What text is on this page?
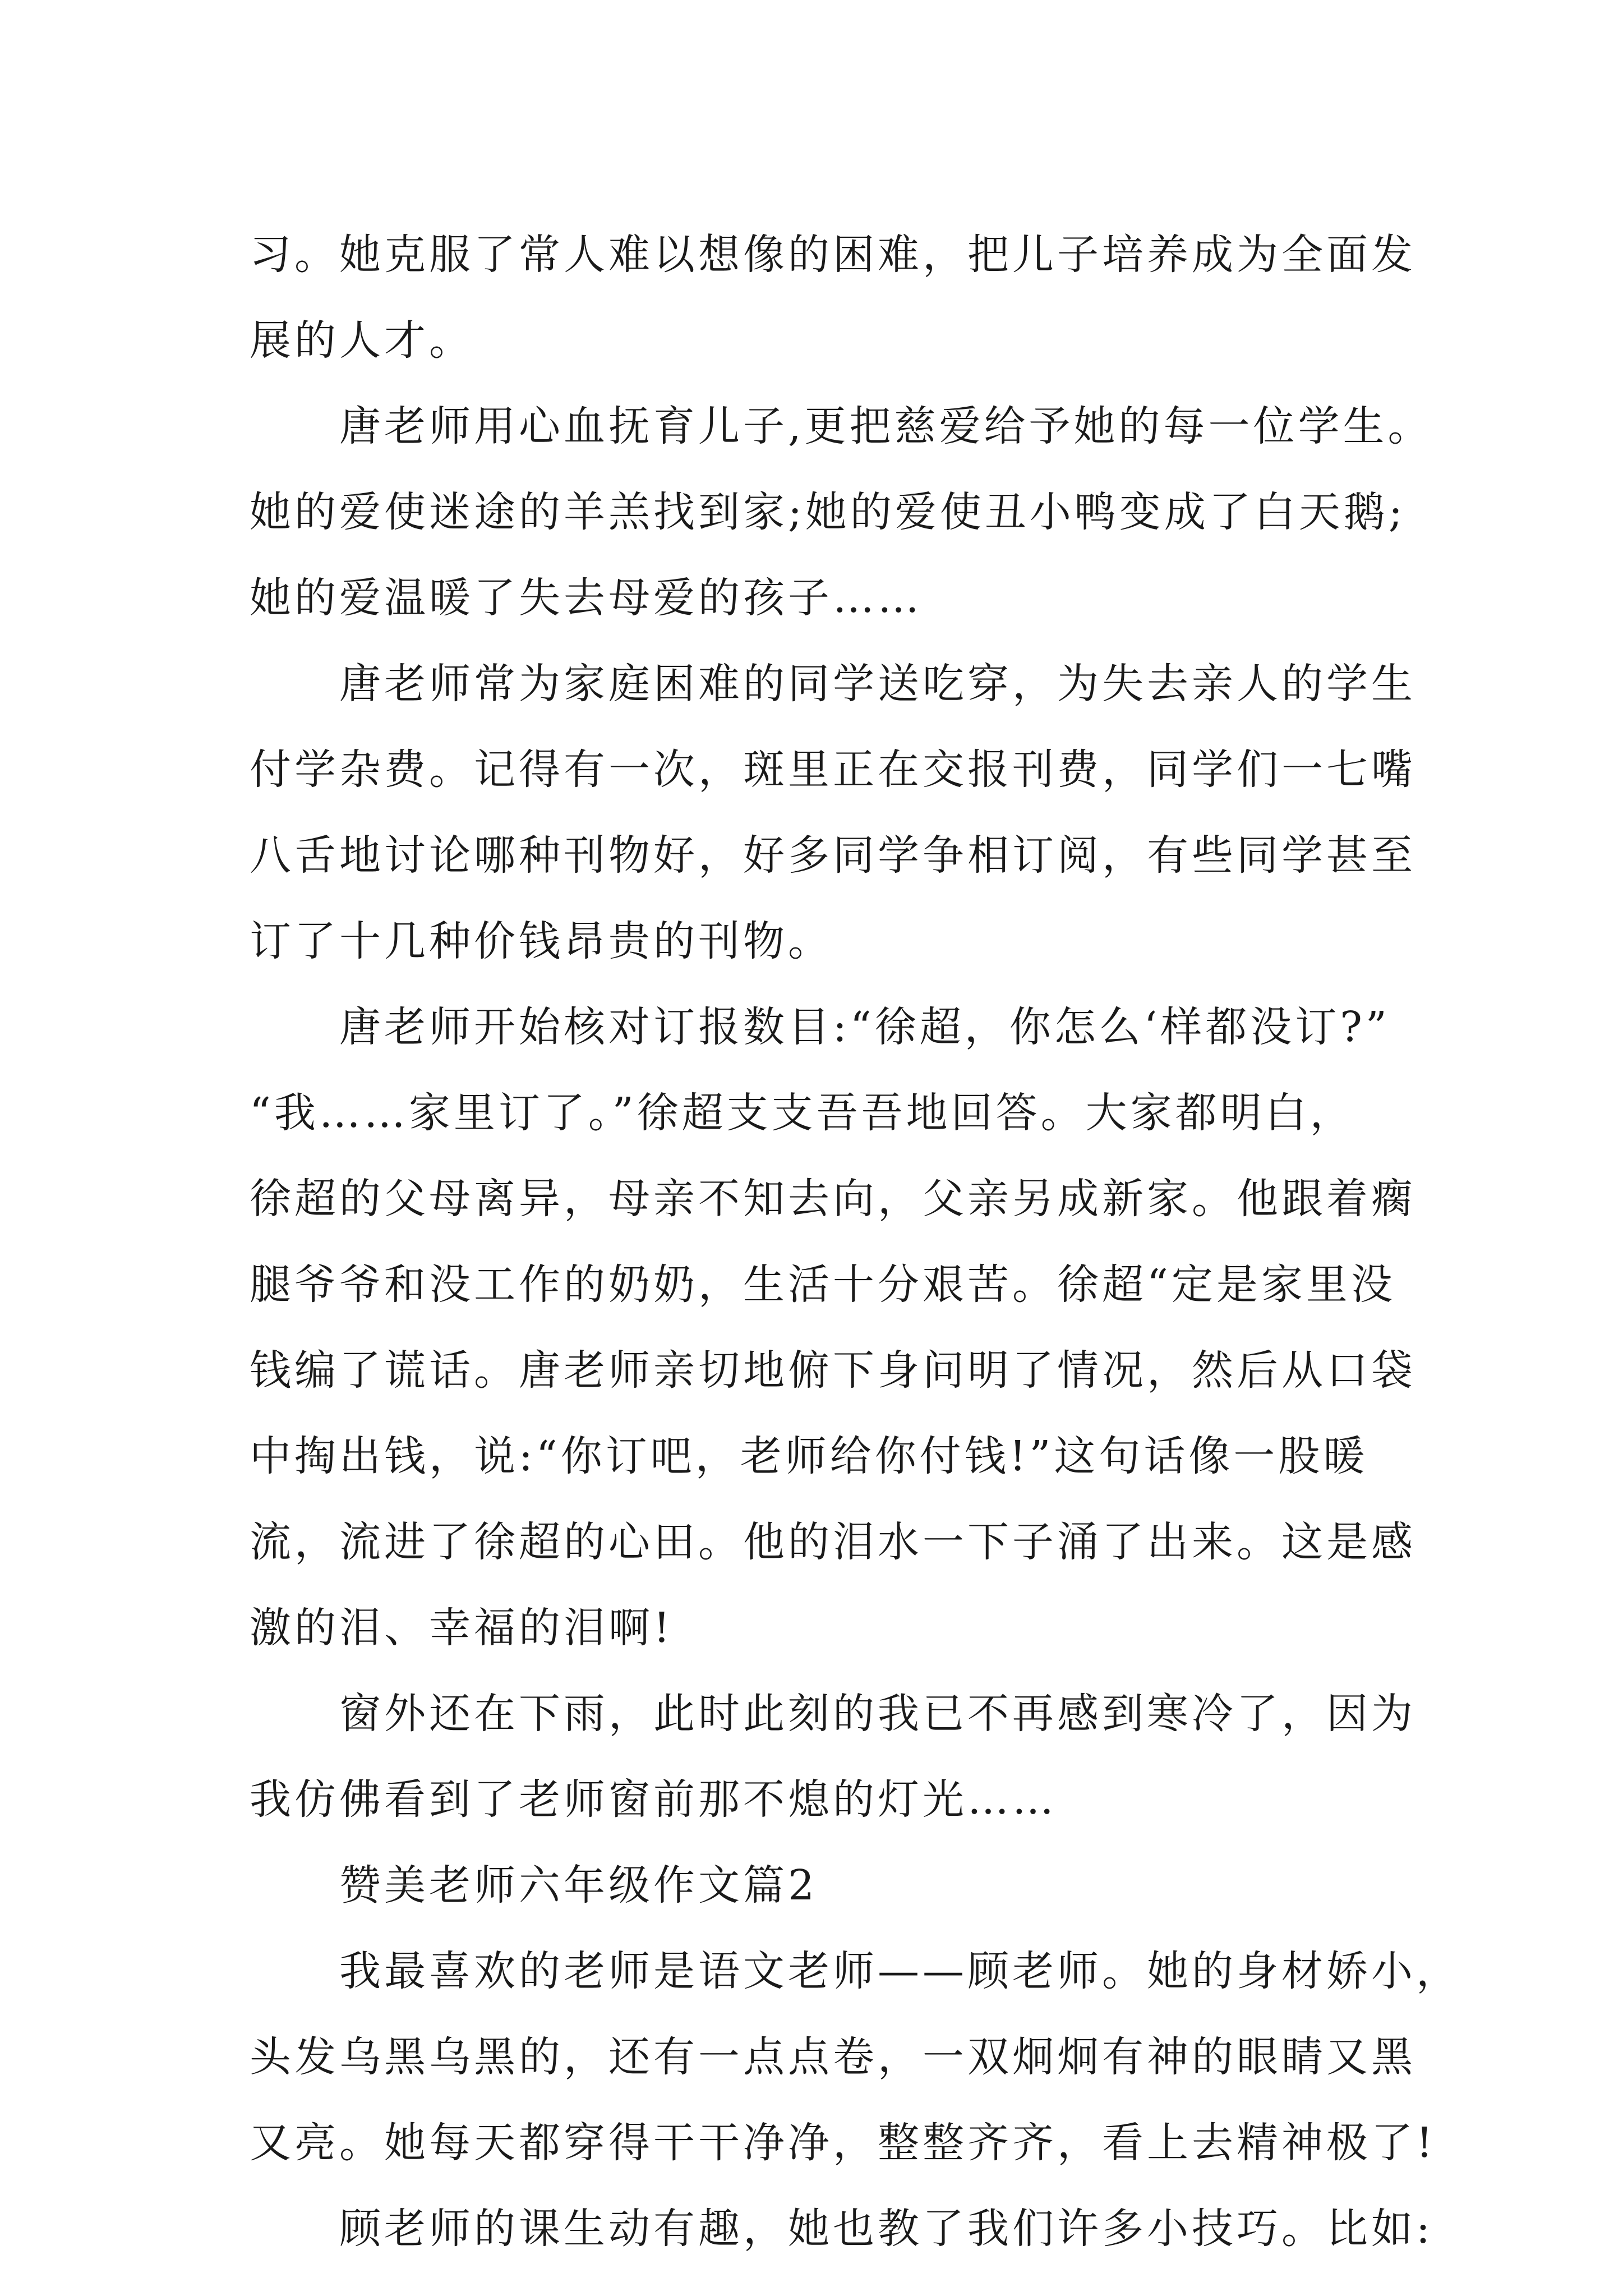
习。她克服了常人难以想像的困难，把儿子培养成为全面发
展的人才。
唐老师用心血抚育儿子,更把慈爱给予她的每一位学生。
她的爱使迷途的羊羔找到家;她的爱使丑小鸭变成了白天鹅;
她的爱温暖了失去母爱的孩子……
唐老师常为家庭困难的同学送吃穿，为失去亲人的学生
付学杂费。记得有一次，斑里正在交报刊费，同学们一七嘴
八舌地讨论哪种刊物好，好多同学争相订阅，有些同学甚至
订了十几种价钱昂贵的刊物。
唐老师开始核对订报数目:“徐超，你怎么‘样都没订?”
“我……家里订了。”徐超支支吾吾地回答。大家都明白，
徐超的父母离异，母亲不知去向，父亲另成新家。他跟着瘸
腿爷爷和没工作的奶奶，生活十分艰苦。徐超“定是家里没
钱编了谎话。唐老师亲切地俯下身问明了情况，然后从口袋
中掏出钱，说:“你订吧，老师给你付钱!”这句话像一股暖
流，流进了徐超的心田。他的泪水一下子涌了出来。这是感
激的泪、幸福的泪啊!
窗外还在下雨，此时此刻的我已不再感到寒冷了，因为
我仿佛看到了老师窗前那不熄的灯光……
赞美老师六年级作文篇2
我最喜欢的老师是语文老师——顾老师。她的身材娇小，
头发乌黑乌黑的，还有一点点卷，一双炯炯有神的眼睛又黑
又亮。她每天都穿得干干净净，整整齐齐，看上去精神极了!
顾老师的课生动有趣，她也教了我们许多小技巧。比如:
